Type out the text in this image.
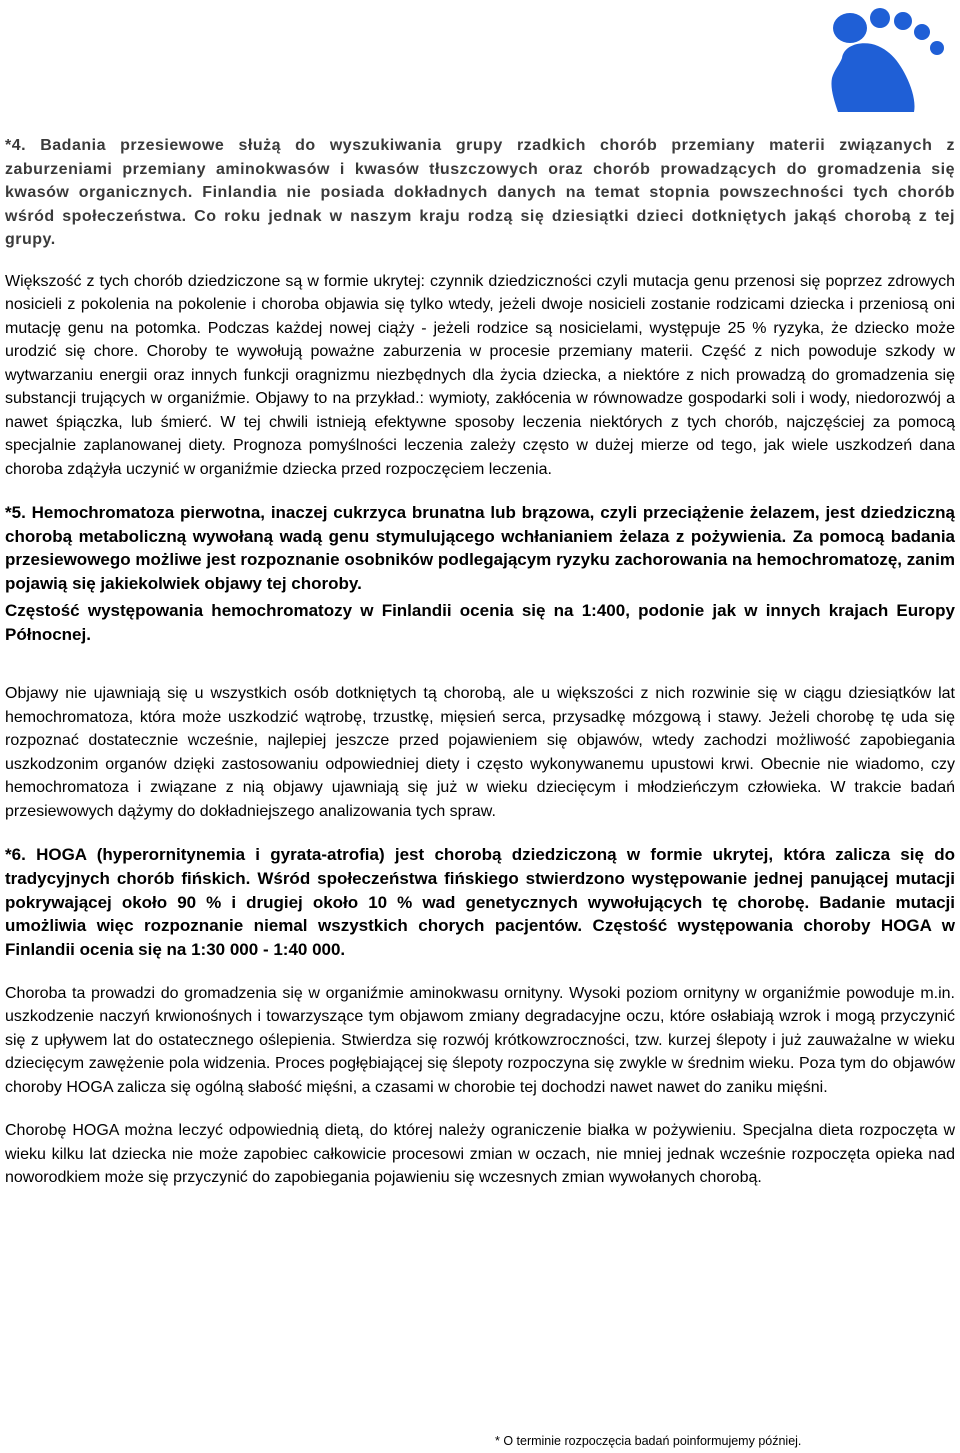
*4. Badania przesiewowe służą do wyszukiwania grupy rzadkich chorób przemiany materii związanych z zaburzeniami przemiany aminokwasów i kwasów tłuszczowych oraz chorób prowadzących do gromadzenia się kwasów organicznych. Finlandia nie posiada dokładnych danych na temat stopnia powszechności tych chorób wśród społeczeństwa. Co roku jednak w naszym kraju rodzą się dziesiątki dzieci dotkniętych jakąś chorobą z tej grupy.

Większość z tych chorób dziedziczone są w formie ukrytej: czynnik dziedziczności czyli mutacja genu przenosi się poprzez zdrowych nosicieli z pokolenia na pokolenie i choroba objawia się tylko wtedy, jeżeli dwoje nosicieli zostanie rodzicami dziecka i przeniosą oni mutację genu na potomka. Podczas każdej nowej ciąży - jeżeli rodzice są nosicielami, występuje 25 % ryzyka, że dziecko może urodzić się chore. Choroby te wywołują poważne zaburzenia w procesie przemiany materii. Część z nich powoduje szkody w wytwarzaniu energii oraz innych funkcji oragnizmu niezbędnych dla życia dziecka, a niektóre z nich prowadzą do gromadzenia się substancji trujących w organiźmie. Objawy to na przykład.: wymioty, zakłócenia w równowadze gospodarki soli i wody, niedorozwój a nawet śpiączka, lub śmierć. W tej chwili istnieją efektywne sposoby leczenia niektórych z tych chorób, najczęściej za pomocą specjalnie zaplanowanej diety. Prognoza pomyślności leczenia zależy często w dużej mierze od tego, jak wiele uszkodzeń dana choroba zdążyła uczynić w organiźmie dziecka przed rozpoczęciem leczenia.

*5. Hemochromatoza pierwotna, inaczej cukrzyca brunatna lub brązowa, czyli przeciążenie żelazem, jest dziedziczną chorobą metaboliczną wywołaną wadą genu stymulującego wchłanianiem żelaza z pożywienia. Za pomocą badania przesiewowego możliwe jest rozpoznanie osobników podlegającym ryzyku zachorowania na hemochromatozę, zanim pojawią się jakiekolwiek objawy tej choroby.

Częstość występowania hemochromatozy w Finlandii ocenia się na 1:400, podonie jak w innych krajach Europy Północnej.

Objawy nie ujawniają się u wszystkich osób dotkniętych tą chorobą, ale u większości z nich rozwinie się w ciągu dziesiątków lat hemochromatoza, która może uszkodzić wątrobę, trzustkę, mięsień serca, przysadkę mózgową i stawy. Jeżeli chorobę tę uda się rozpoznać dostatecznie wcześnie, najlepiej jeszcze przed pojawieniem się objawów, wtedy zachodzi możliwość zapobiegania uszkodzonim organów dzięki zastosowaniu odpowiedniej diety i często wykonywanemu upustowi krwi. Obecnie nie wiadomo, czy hemochromatoza i związane z nią objawy ujawniają się już w wieku dziecięcym i młodzieńczym człowieka. W trakcie badań przesiewowych dążymy do dokładniejszego analizowania tych spraw.

*6. HOGA (hyperornitynemia i gyrata-atrofia) jest chorobą dziedziczoną w formie ukrytej, która zalicza się do tradycyjnych chorób fińskich. Wśród społeczeństwa fińskiego stwierdzono występowanie jednej panującej mutacji pokrywającej około 90 % i drugiej około 10 % wad genetycznych wywołujących tę chorobę. Badanie mutacji umożliwia więc rozpoznanie niemal wszystkich chorych pacjentów. Częstość występowania choroby HOGA w Finlandii ocenia się na 1:30 000 - 1:40 000.

Choroba ta prowadzi do gromadzenia się w organiźmie aminokwasu ornityny. Wysoki poziom ornityny w organiźmie powoduje m.in. uszkodzenie naczyń krwionośnych i towarzyszące tym objawom zmiany degradacyjne oczu, które osłabiają wzrok i mogą przyczynić się z upływem lat do ostatecznego oślepienia. Stwierdza się rozwój krótkowzroczności, tzw. kurzej ślepoty i już zauważalne w wieku dziecięcym zawężenie pola widzenia. Proces pogłębiającej się ślepoty rozpoczyna się zwykle w średnim wieku. Poza tym do objawów choroby HOGA zalicza się ogólną słabość mięśni, a czasami w chorobie tej dochodzi nawet nawet do zaniku mięśni.

Chorobę HOGA można leczyć odpowiednią dietą, do której należy ograniczenie białka w pożywieniu. Specjalna dieta rozpoczęta w wieku kilku lat dziecka nie może zapobiec całkowicie procesowi zmian w oczach, nie mniej jednak wcześnie rozpoczęta opieka nad noworodkiem może się przyczynić do zapobiegania pojawieniu się wczesnych zmian wywołanych chorobą.

* O terminie rozpoczęcia badań poinformujemy później.
